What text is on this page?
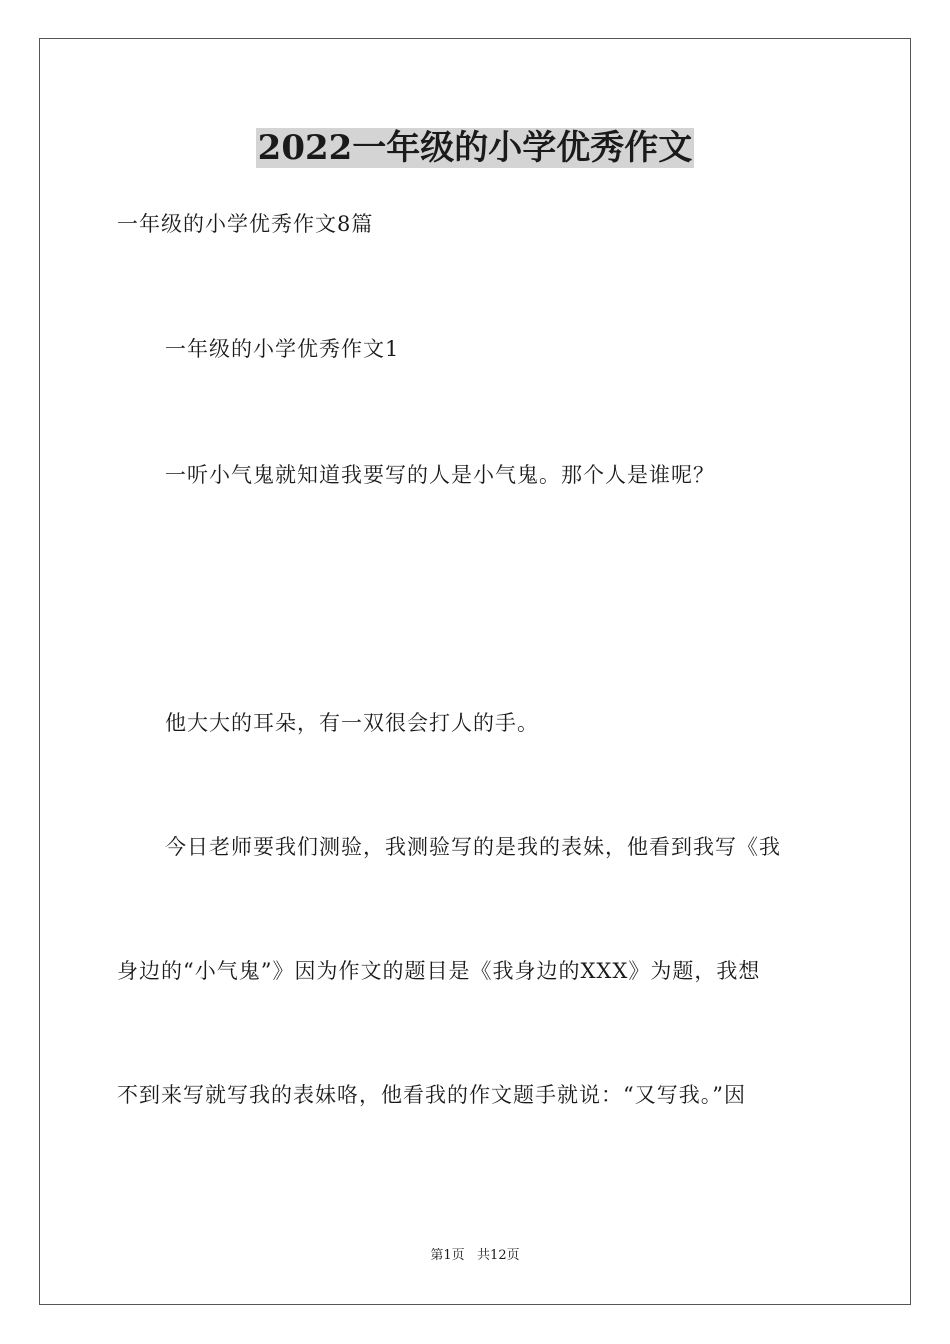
2022一年级的小学优秀作文
一年级的小学优秀作文8篇
一年级的小学优秀作文1
一听小气鬼就知道我要写的人是小气鬼。那个人是谁呢？
他大大的耳朵，有一双很会打人的手。
今日老师要我们测验，我测验写的是我的表妹，他看到我写《我
身边的“小气鬼”》因为作文的题目是《我身边的XXX》为题，我想
不到来写就写我的表妹咯，他看我的作文题手就说：“又写我。”因
第1页   共12页
